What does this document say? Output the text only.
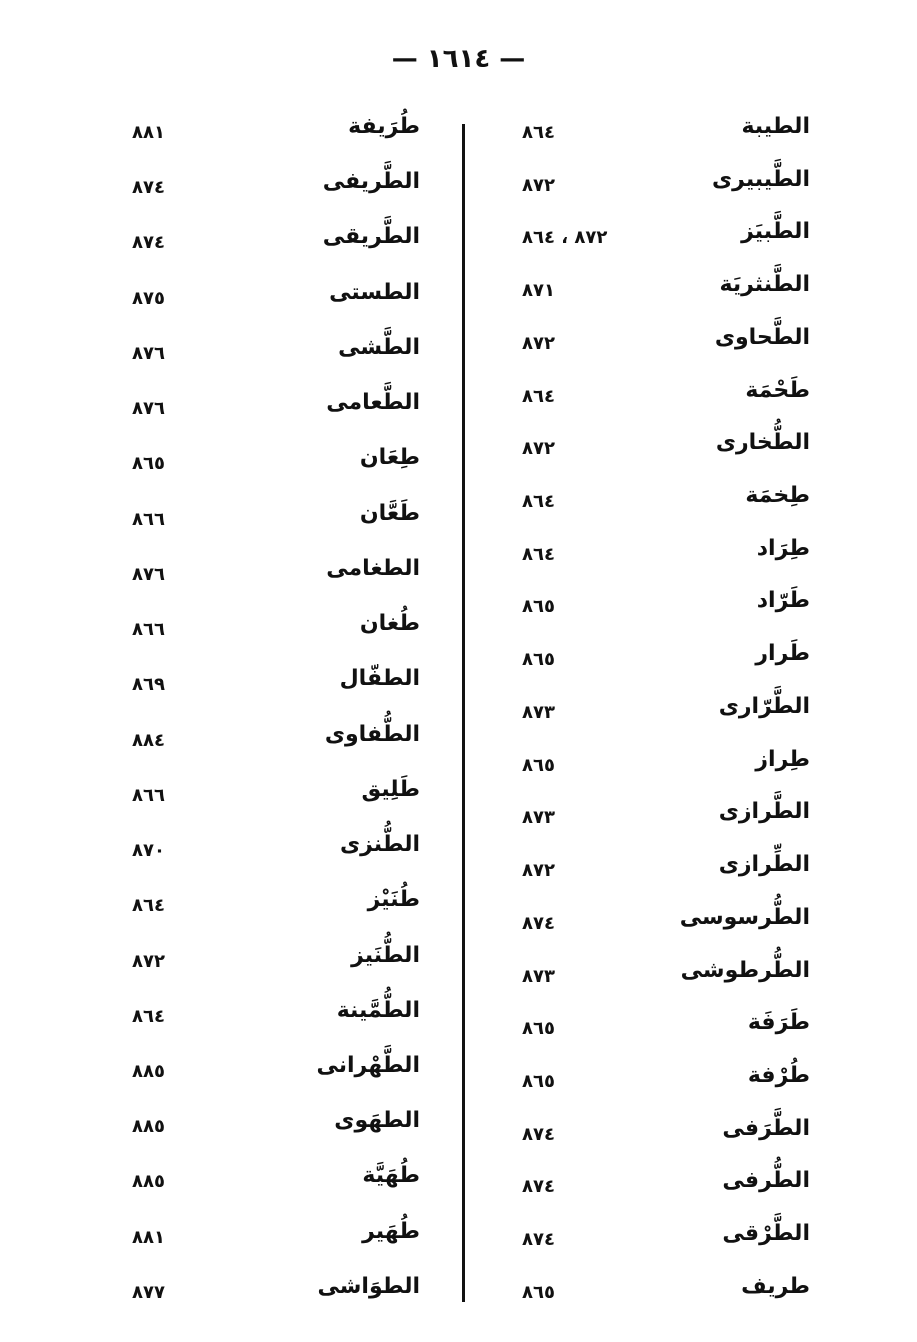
— ١٦١٤ —
الطيبة
٨٦٤
الطَّيبيرى
٨٧٢
الطَّبيَز
٨٧٢ ، ٨٦٤
الطَّنثريَة
٨٧١
الطَّحاوى
٨٧٢
طَحْمَة
٨٦٤
الطُّخارى
٨٧٢
طِخمَة
٨٦٤
طِرَاد
٨٦٤
طَرّاد
٨٦٥
طَرار
٨٦٥
الطَّرّارى
٨٧٣
طِراز
٨٦٥
الطَّرازى
٨٧٣
الطِّرازى
٨٧٢
الطُّرسوسى
٨٧٤
الطُّرطوشى
٨٧٣
طَرَفَة
٨٦٥
طُرْفة
٨٦٥
الطَّرَفى
٨٧٤
الطُّرفى
٨٧٤
الطَّرْقى
٨٧٤
طريف
٨٦٥
طُرَيفة
٨٨١
الطَّريفى
٨٧٤
الطَّريقى
٨٧٤
الطستى
٨٧٥
الطَّشى
٨٧٦
الطَّعامى
٨٧٦
طِعَان
٨٦٥
طَعَّان
٨٦٦
الطغامى
٨٧٦
طُغان
٨٦٦
الطفّال
٨٦٩
الطُّفاوى
٨٨٤
طَلِيق
٨٦٦
الطُّنزى
٨٧٠
طُنَيْز
٨٦٤
الطُّنَيز
٨٧٢
الطُّمَّينة
٨٦٤
الطَّهْرانى
٨٨٥
الطهَوى
٨٨٥
طُهَيَّة
٨٨٥
طُهَير
٨٨١
الطوَاشى
٨٧٧
